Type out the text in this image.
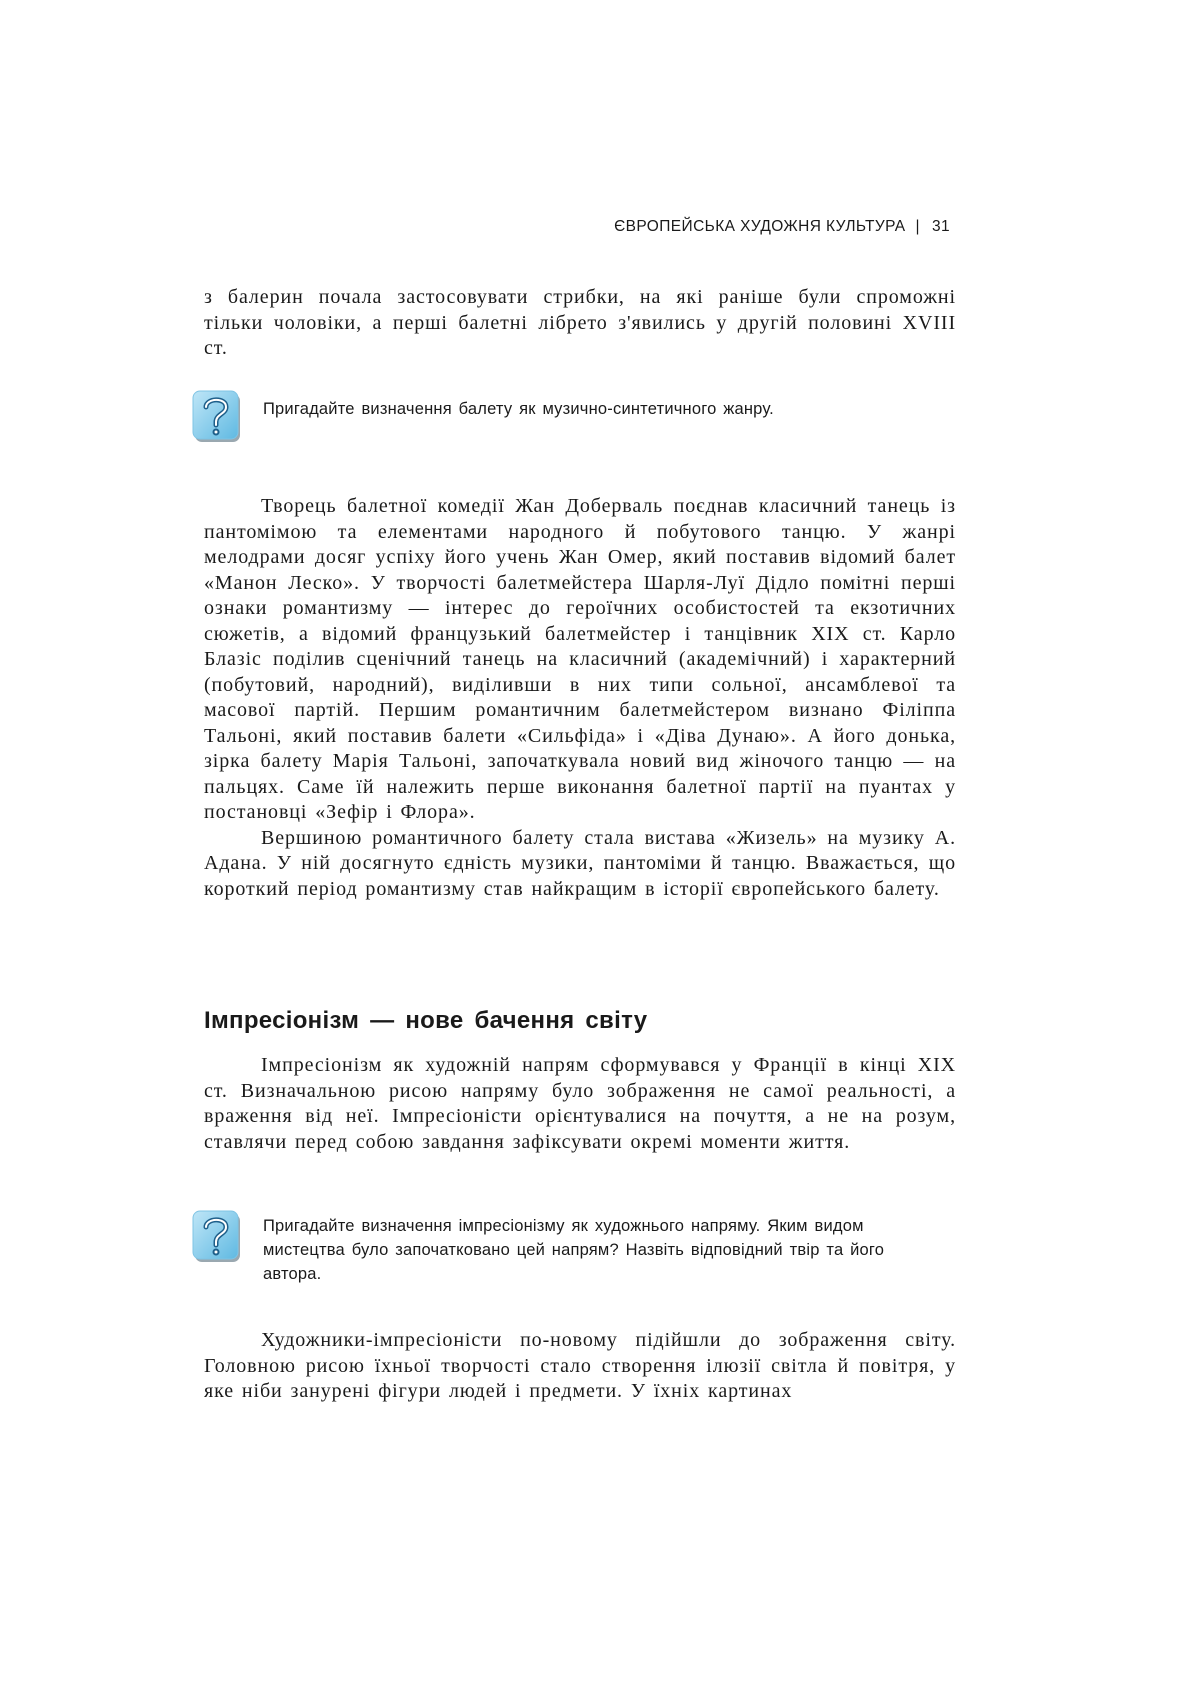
ЄВРОПЕЙСЬКА ХУДОЖНЯ КУЛЬТУРА | 31

з балерин почала застосовувати стрибки, на які раніше були спроможні тільки чоловіки, а перші балетні лібрето з'явились у другій половині XVIII ст.

Пригадайте визначення балету як музично-синтетичного жанру.

Творець балетної комедії Жан Доберваль поєднав класичний танець із пантомімою та елементами народного й побутового танцю. У жанрі мелодрами досяг успіху його учень Жан Омер, який поставив відомий балет «Манон Леско». У творчості балетмейстера Шарля-Луї Дідло помітні перші ознаки романтизму — інтерес до героїчних особистостей та екзотичних сюжетів, а відомий французький балетмейстер і танцівник XIX ст. Карло Блазіс поділив сценічний танець на класичний (академічний) і характерний (побутовий, народний), виділивши в них типи сольної, ансамблевої та масової партій. Першим романтичним балетмейстером визнано Філіппа Тальоні, який поставив балети «Сильфіда» і «Діва Дунаю». А його донька, зірка балету Марія Тальоні, започаткувала новий вид жіночого танцю — на пальцях. Саме їй належить перше виконання балетної партії на пуантах у постановці «Зефір і Флора».

Вершиною романтичного балету стала вистава «Жизель» на музику А. Адана. У ній досягнуто єдність музики, пантоміми й танцю. Вважається, що короткий період романтизму став найкращим в історії європейського балету.

Імпресіонізм — нове бачення світу

Імпресіонізм як художній напрям сформувався у Франції в кінці XIX ст. Визначальною рисою напряму було зображення не самої реальності, а враження від неї. Імпресіоністи орієнтувалися на почуття, а не на розум, ставлячи перед собою завдання зафіксувати окремі моменти життя.

Пригадайте визначення імпресіонізму як художнього напряму. Яким видом мистецтва було започатковано цей напрям? Назвіть відповідний твір та його автора.

Художники-імпресіоністи по-новому підійшли до зображення світу. Головною рисою їхньої творчості стало створення ілюзії світла й повітря, у яке ніби занурені фігури людей і предмети. У їхніх картинах
